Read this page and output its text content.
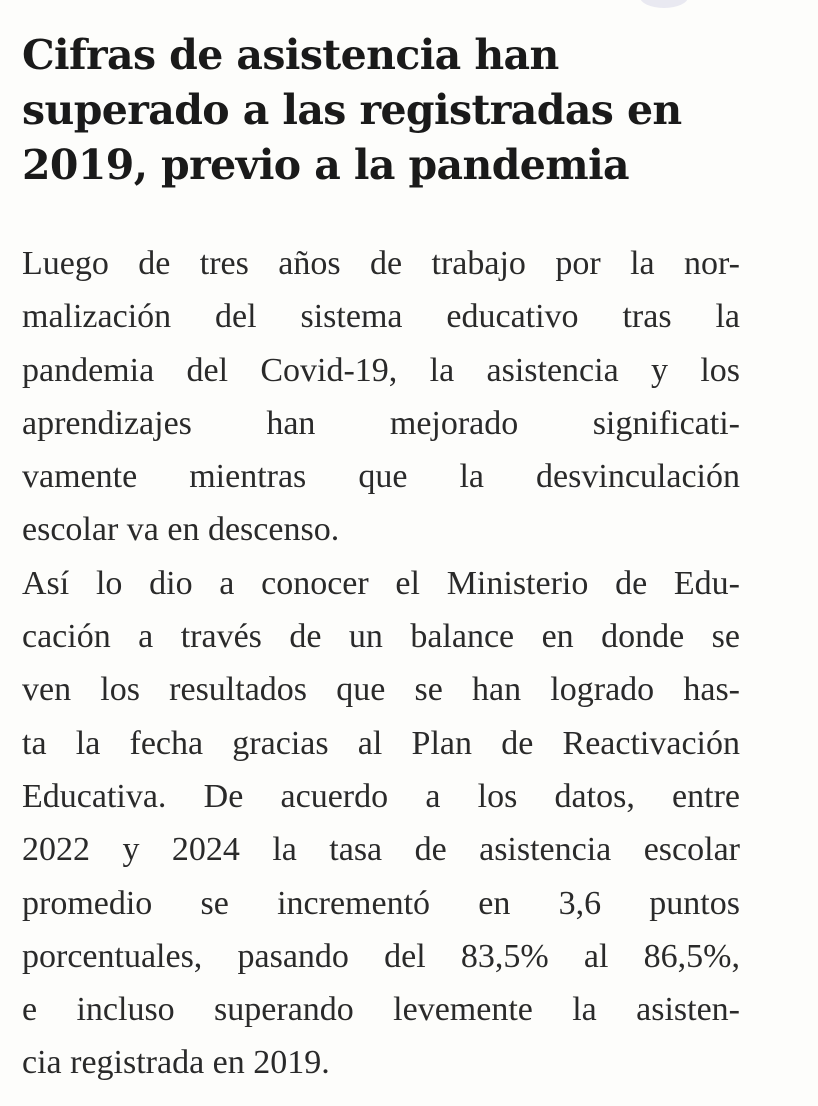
Cifras de asistencia han
superado a las registradas en
2019, previo a la pandemia

Luego de tres años de trabajo por la nor-
malización del sistema educativo tras la
pandemia del Covid-19, la asistencia y los
aprendizajes han mejorado significati-
vamente mientras que la desvinculación
escolar va en descenso.

Así lo dio a conocer el Ministerio de Edu-
cación a través de un balance en donde se
ven los resultados que se han logrado has-
ta la fecha gracias al Plan de Reactivación
Educativa. De acuerdo a los datos, entre
2022 y 2024 la tasa de asistencia escolar
promedio se incrementó en 3,6 puntos
porcentuales, pasando del 83,5% al 86,5%,
e incluso superando levemente la asisten-
cia registrada en 2019.
